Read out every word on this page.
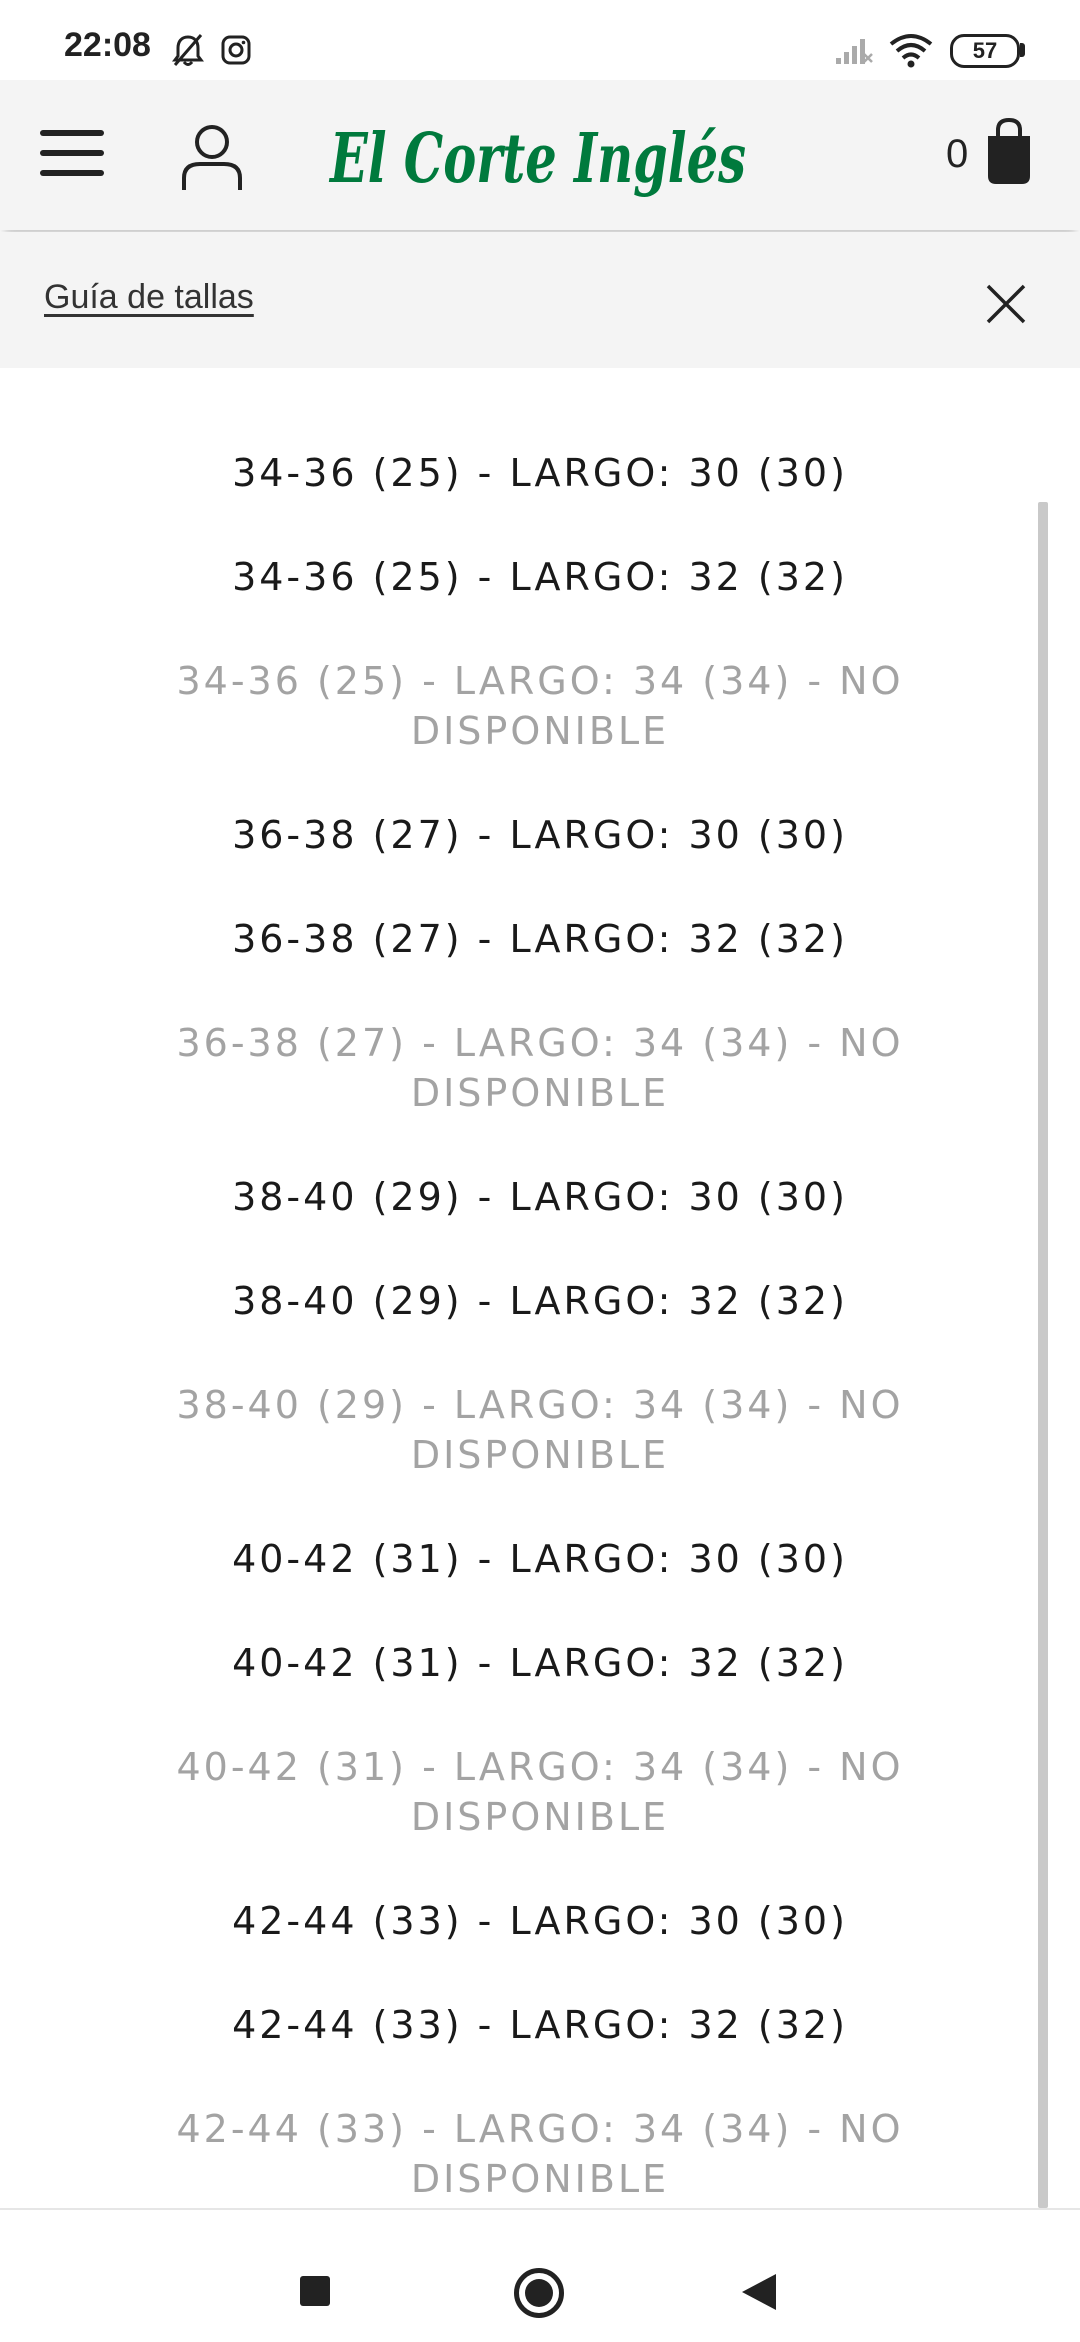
22:08	57
El Corte Inglés	0
Guía de tallas
34-36 (25) - LARGO: 30 (30)
34-36 (25) - LARGO: 32 (32)
34-36 (25) - LARGO: 34 (34) - NO DISPONIBLE
36-38 (27) - LARGO: 30 (30)
36-38 (27) - LARGO: 32 (32)
36-38 (27) - LARGO: 34 (34) - NO DISPONIBLE
38-40 (29) - LARGO: 30 (30)
38-40 (29) - LARGO: 32 (32)
38-40 (29) - LARGO: 34 (34) - NO DISPONIBLE
40-42 (31) - LARGO: 30 (30)
40-42 (31) - LARGO: 32 (32)
40-42 (31) - LARGO: 34 (34) - NO DISPONIBLE
42-44 (33) - LARGO: 30 (30)
42-44 (33) - LARGO: 32 (32)
42-44 (33) - LARGO: 34 (34) - NO DISPONIBLE
